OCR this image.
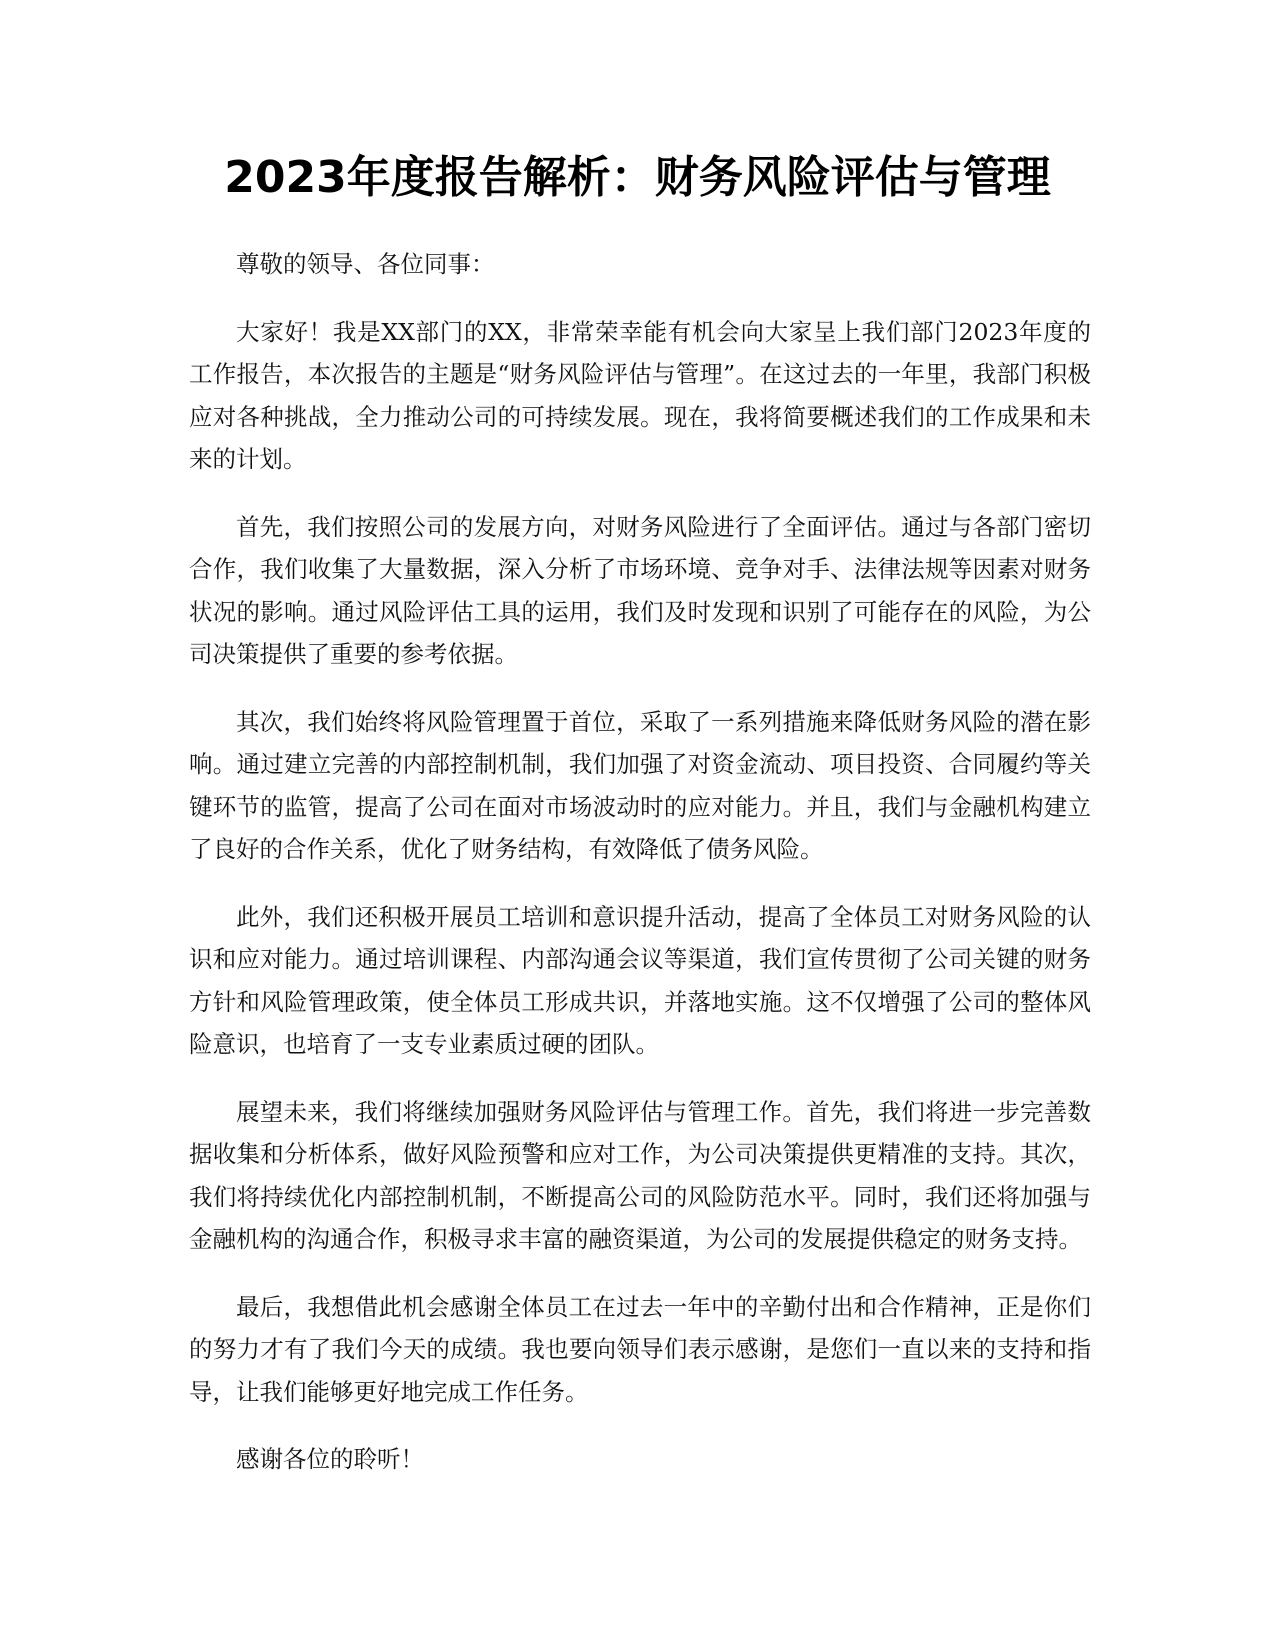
2023年度报告解析：财务风险评估与管理

尊敬的领导、各位同事：

大家好！我是XX部门的XX，非常荣幸能有机会向大家呈上我们部门2023年度的工作报告，本次报告的主题是“财务风险评估与管理”。在这过去的一年里，我部门积极应对各种挑战，全力推动公司的可持续发展。现在，我将简要概述我们的工作成果和未来的计划。

首先，我们按照公司的发展方向，对财务风险进行了全面评估。通过与各部门密切合作，我们收集了大量数据，深入分析了市场环境、竞争对手、法律法规等因素对财务状况的影响。通过风险评估工具的运用，我们及时发现和识别了可能存在的风险，为公司决策提供了重要的参考依据。

其次，我们始终将风险管理置于首位，采取了一系列措施来降低财务风险的潜在影响。通过建立完善的内部控制机制，我们加强了对资金流动、项目投资、合同履约等关键环节的监管，提高了公司在面对市场波动时的应对能力。并且，我们与金融机构建立了良好的合作关系，优化了财务结构，有效降低了债务风险。

此外，我们还积极开展员工培训和意识提升活动，提高了全体员工对财务风险的认识和应对能力。通过培训课程、内部沟通会议等渠道，我们宣传贯彻了公司关键的财务方针和风险管理政策，使全体员工形成共识，并落地实施。这不仅增强了公司的整体风险意识，也培育了一支专业素质过硬的团队。

展望未来，我们将继续加强财务风险评估与管理工作。首先，我们将进一步完善数据收集和分析体系，做好风险预警和应对工作，为公司决策提供更精准的支持。其次，我们将持续优化内部控制机制，不断提高公司的风险防范水平。同时，我们还将加强与金融机构的沟通合作，积极寻求丰富的融资渠道，为公司的发展提供稳定的财务支持。

最后，我想借此机会感谢全体员工在过去一年中的辛勤付出和合作精神，正是你们的努力才有了我们今天的成绩。我也要向领导们表示感谢，是您们一直以来的支持和指导，让我们能够更好地完成工作任务。

感谢各位的聆听！
